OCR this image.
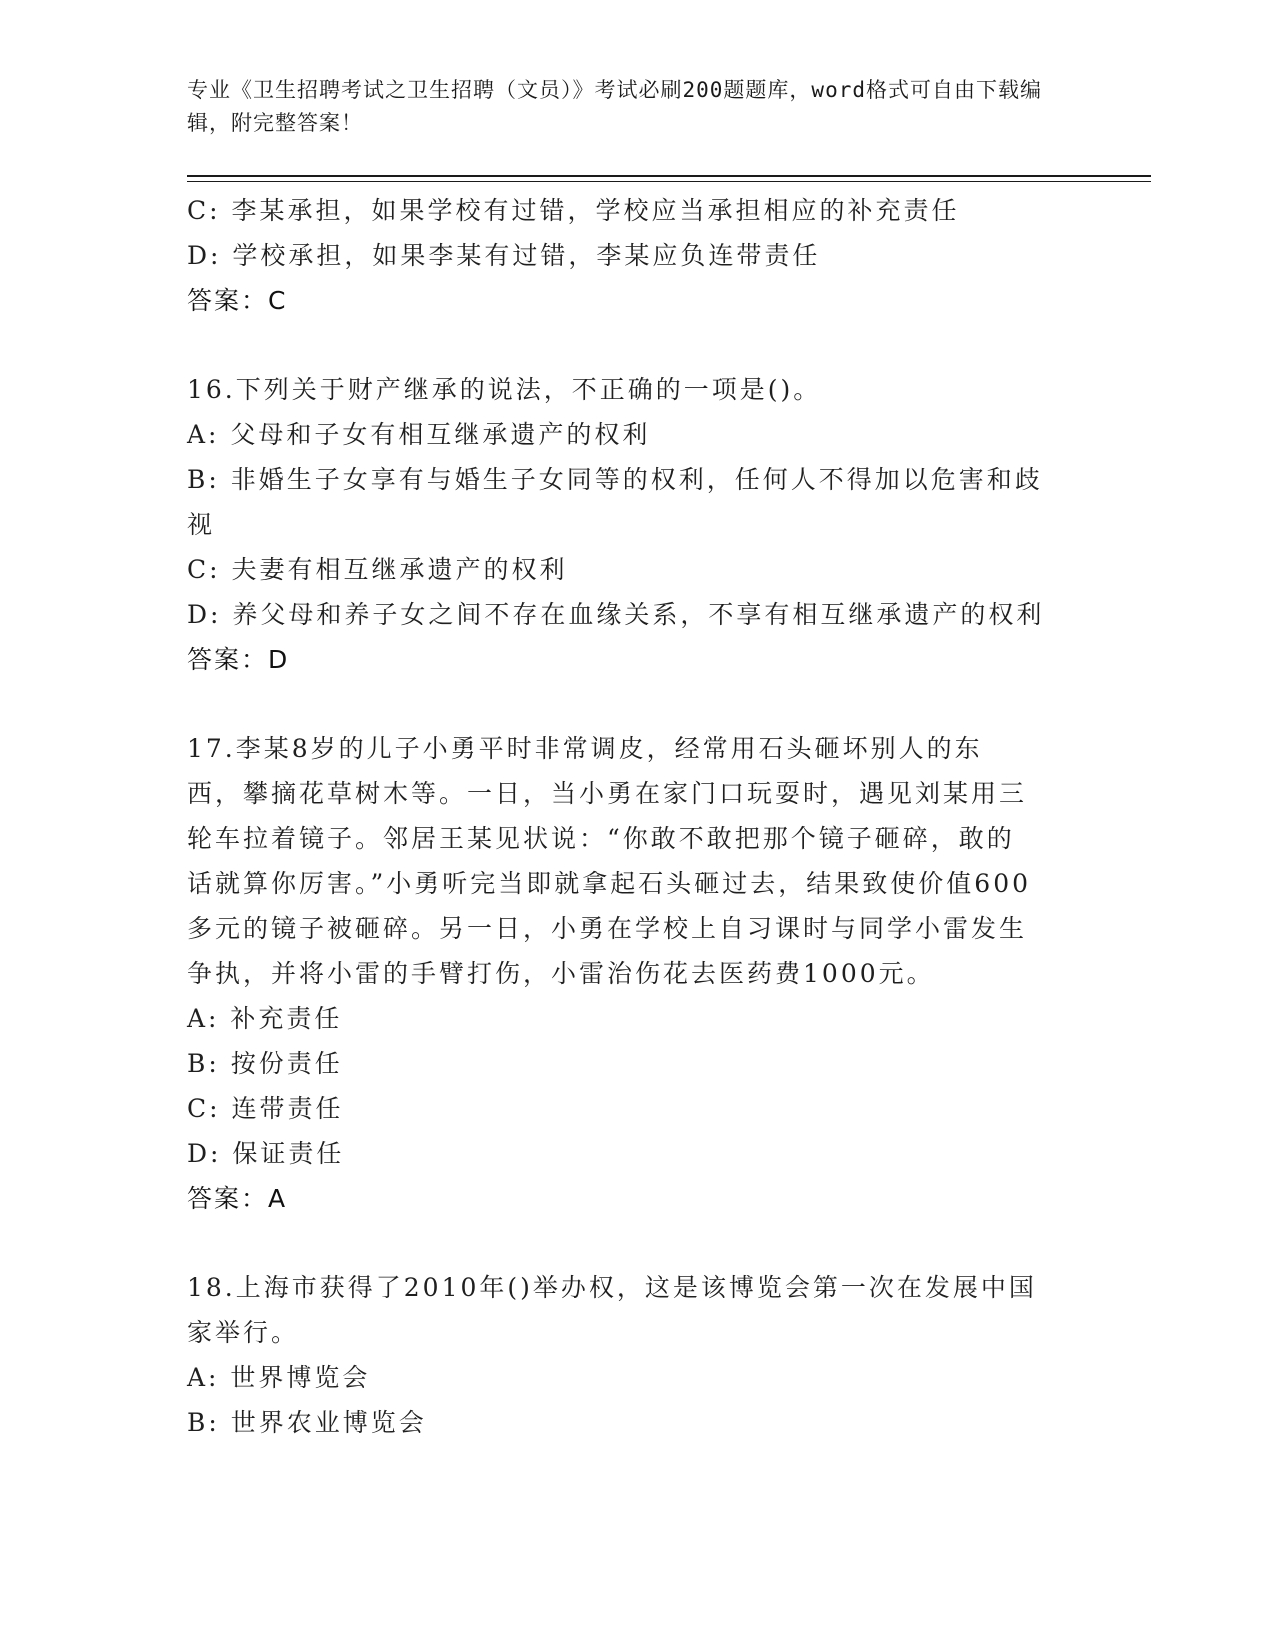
专业《卫生招聘考试之卫生招聘（文员）》考试必刷200题题库，word格式可自由下载编辑，附完整答案！
C: 李某承担，如果学校有过错，学校应当承担相应的补充责任
D: 学校承担，如果李某有过错，李某应负连带责任
答案：C
16.下列关于财产继承的说法，不正确的一项是()。
A: 父母和子女有相互继承遗产的权利
B: 非婚生子女享有与婚生子女同等的权利，任何人不得加以危害和歧视
C: 夫妻有相互继承遗产的权利
D: 养父母和养子女之间不存在血缘关系，不享有相互继承遗产的权利
答案：D
17.李某8岁的儿子小勇平时非常调皮，经常用石头砸坏别人的东西，攀摘花草树木等。一日，当小勇在家门口玩耍时，遇见刘某用三轮车拉着镜子。邻居王某见状说：“你敢不敢把那个镜子砸碎，敢的话就算你厉害。”小勇听完当即就拿起石头砸过去，结果致使价值600多元的镜子被砸碎。另一日，小勇在学校上自习课时与同学小雷发生争执，并将小雷的手臂打伤，小雷治伤花去医药费1000元。
A: 补充责任
B: 按份责任
C: 连带责任
D: 保证责任
答案：A
18.上海市获得了2010年()举办权，这是该博览会第一次在发展中国家举行。
A: 世界博览会
B: 世界农业博览会
